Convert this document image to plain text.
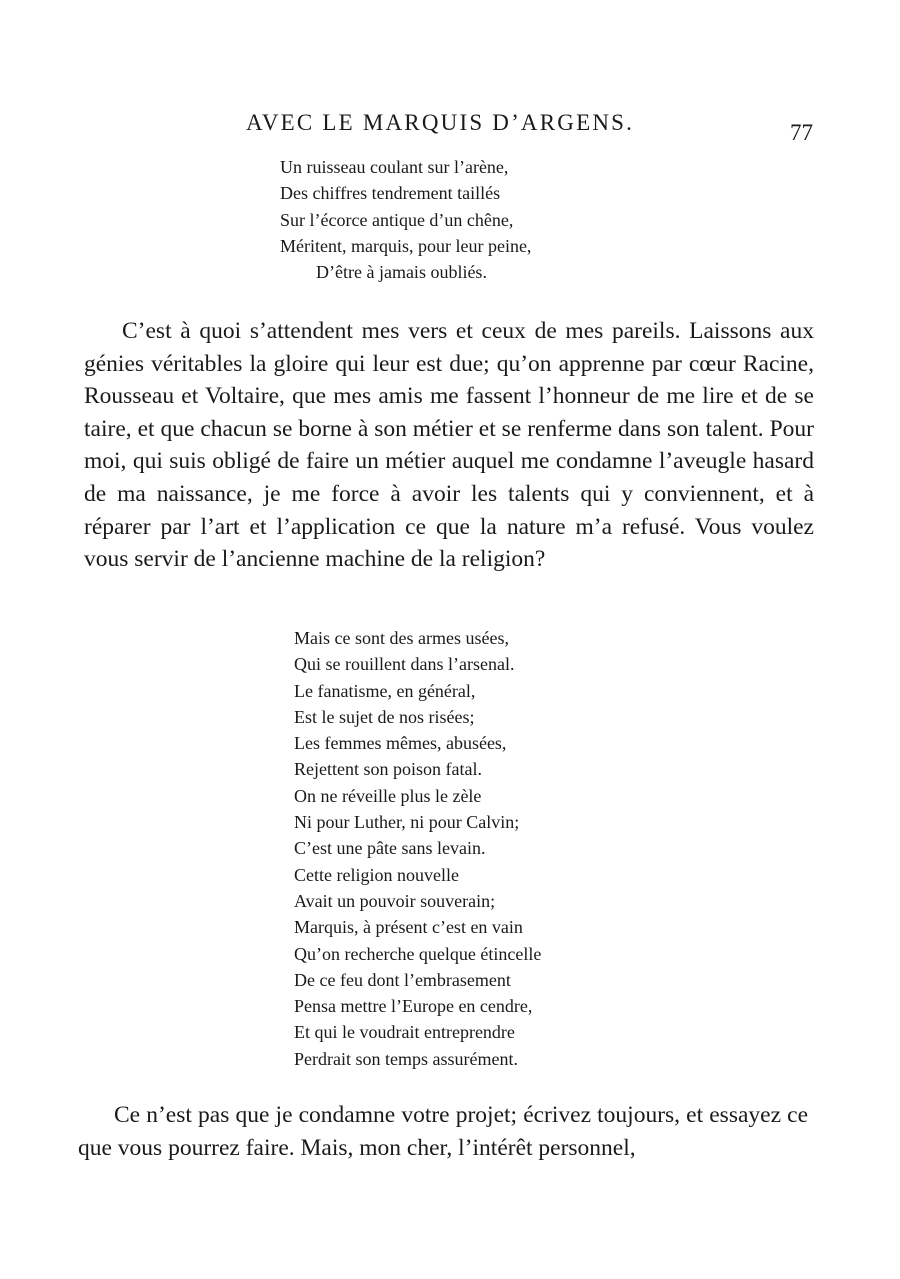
AVEC LE MARQUIS D’ARGENS.	77
Un ruisseau coulant sur l’arène,
Des chiffres tendrement taillés
Sur l’écorce antique d’un chêne,
Méritent, marquis, pour leur peine,
D’être à jamais oubliés.

C’est à quoi s’attendent mes vers et ceux de mes pareils. Laissons aux génies véritables la gloire qui leur est due; qu’on apprenne par cœur Racine, Rousseau et Voltaire, que mes amis me fassent l’honneur de me lire et de se taire, et que chacun se borne à son métier et se renferme dans son talent. Pour moi, qui suis obligé de faire un métier auquel me condamne l’aveugle hasard de ma naissance, je me force à avoir les talents qui y conviennent, et à réparer par l’art et l’application ce que la nature m’a refusé. Vous voulez vous servir de l’ancienne machine de la religion?

Mais ce sont des armes usées,
Qui se rouillent dans l’arsenal.
Le fanatisme, en général,
Est le sujet de nos risées;
Les femmes mêmes, abusées,
Rejettent son poison fatal.
On ne réveille plus le zèle
Ni pour Luther, ni pour Calvin;
C’est une pâte sans levain.
Cette religion nouvelle
Avait un pouvoir souverain;
Marquis, à présent c’est en vain
Qu’on recherche quelque étincelle
De ce feu dont l’embrasement
Pensa mettre l’Europe en cendre,
Et qui le voudrait entreprendre
Perdrait son temps assurément.

Ce n’est pas que je condamne votre projet; écrivez toujours, et essayez ce que vous pourrez faire. Mais, mon cher, l’intérêt personnel,
